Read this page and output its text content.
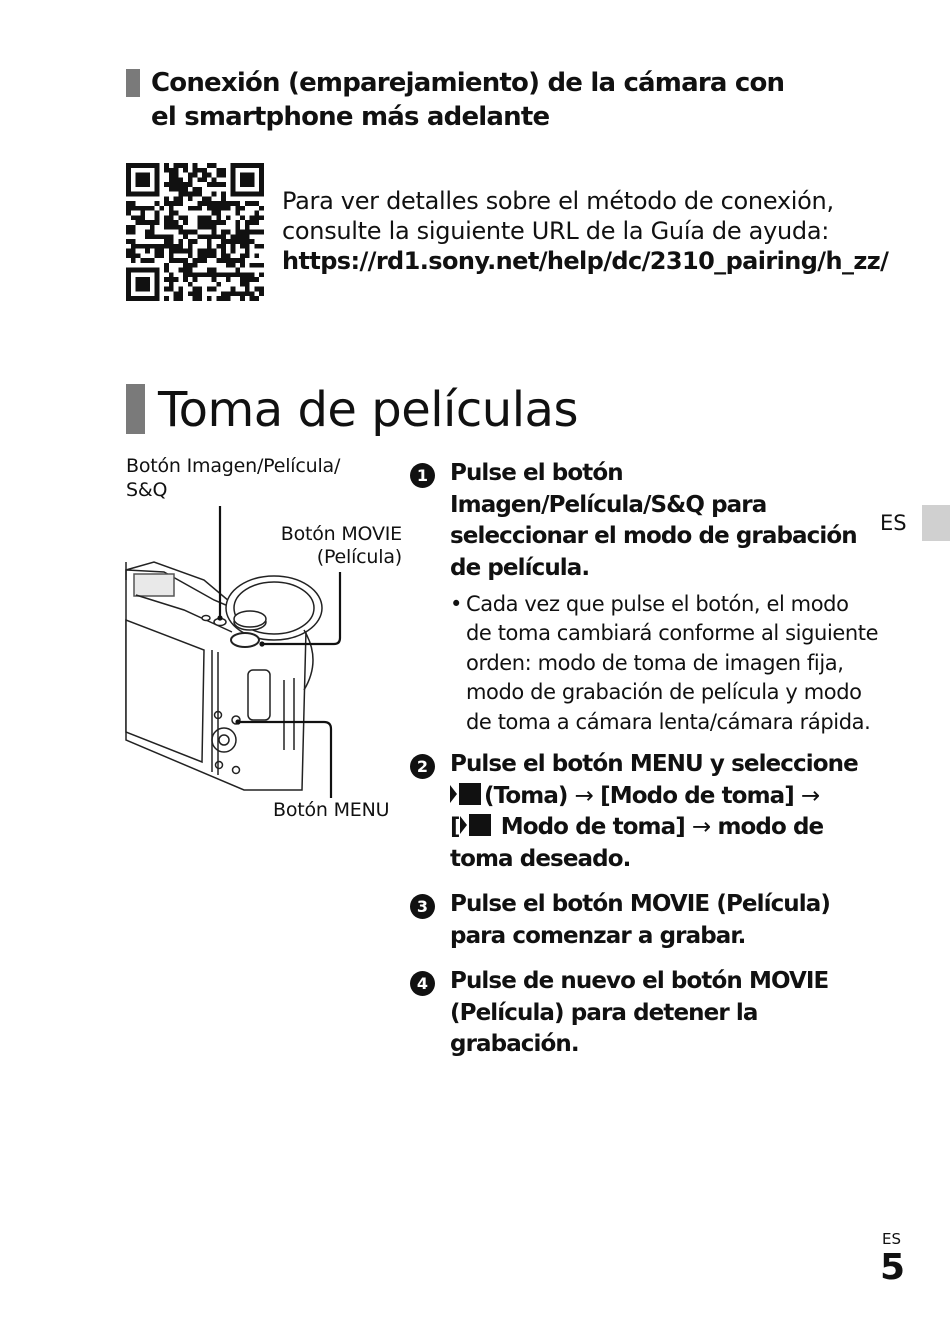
Conexión (emparejamiento) de la cámara con el smartphone más adelante
Para ver detalles sobre el método de conexión,
consulte la siguiente URL de la Guía de ayuda:
https://rd1.sony.net/help/dc/2310_pairing/h_zz/
Toma de películas
Botón Imagen/Película/
S&Q
Botón MOVIE
(Película)
Botón MENU
1 Pulse el botón Imagen/Película/S&Q para seleccionar el modo de grabación de película.
• Cada vez que pulse el botón, el modo de toma cambiará conforme al siguiente orden: modo de toma de imagen fija, modo de grabación de película y modo de toma a cámara lenta/cámara rápida.
2 Pulse el botón MENU y seleccione
(Toma) → [Modo de toma] →
[ Modo de toma] → modo de toma deseado.
3 Pulse el botón MOVIE (Película) para comenzar a grabar.
4 Pulse de nuevo el botón MOVIE (Película) para detener la grabación.
ES
ES
5
